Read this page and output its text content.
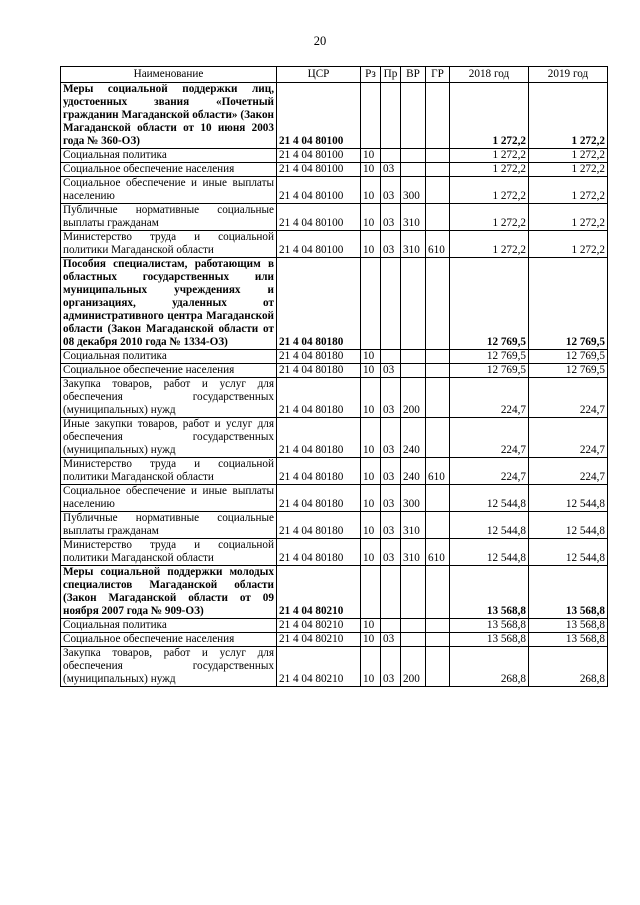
20
Наименование	ЦСР	Рз	Пр	ВР	ГР	2018 год	2019 год
Меры социальной поддержки лиц, удостоенных звания «Почетный гражданин Магаданской области» (Закон Магаданской области от 10 июня 2003 года № 360-ОЗ)	21 4 04 80100					1 272,2	1 272,2
Социальная политика	21 4 04 80100	10				1 272,2	1 272,2
Социальное обеспечение населения	21 4 04 80100	10	03			1 272,2	1 272,2
Социальное обеспечение и иные выплаты населению	21 4 04 80100	10	03	300		1 272,2	1 272,2
Публичные нормативные социальные выплаты гражданам	21 4 04 80100	10	03	310		1 272,2	1 272,2
Министерство труда и социальной политики Магаданской области	21 4 04 80100	10	03	310	610	1 272,2	1 272,2
Пособия специалистам, работающим в областных государственных или муниципальных учреждениях и организациях, удаленных от административного центра Магаданской области (Закон Магаданской области от 08 декабря 2010 года № 1334-ОЗ)	21 4 04 80180					12 769,5	12 769,5
Социальная политика	21 4 04 80180	10				12 769,5	12 769,5
Социальное обеспечение населения	21 4 04 80180	10	03			12 769,5	12 769,5
Закупка товаров, работ и услуг для обеспечения государственных (муниципальных) нужд	21 4 04 80180	10	03	200		224,7	224,7
Иные закупки товаров, работ и услуг для обеспечения государственных (муниципальных) нужд	21 4 04 80180	10	03	240		224,7	224,7
Министерство труда и социальной политики Магаданской области	21 4 04 80180	10	03	240	610	224,7	224,7
Социальное обеспечение и иные выплаты населению	21 4 04 80180	10	03	300		12 544,8	12 544,8
Публичные нормативные социальные выплаты гражданам	21 4 04 80180	10	03	310		12 544,8	12 544,8
Министерство труда и социальной политики Магаданской области	21 4 04 80180	10	03	310	610	12 544,8	12 544,8
Меры социальной поддержки молодых специалистов Магаданской области (Закон Магаданской области от 09 ноября 2007 года № 909-ОЗ)	21 4 04 80210					13 568,8	13 568,8
Социальная политика	21 4 04 80210	10				13 568,8	13 568,8
Социальное обеспечение населения	21 4 04 80210	10	03			13 568,8	13 568,8
Закупка товаров, работ и услуг для обеспечения государственных (муниципальных) нужд	21 4 04 80210	10	03	200		268,8	268,8
